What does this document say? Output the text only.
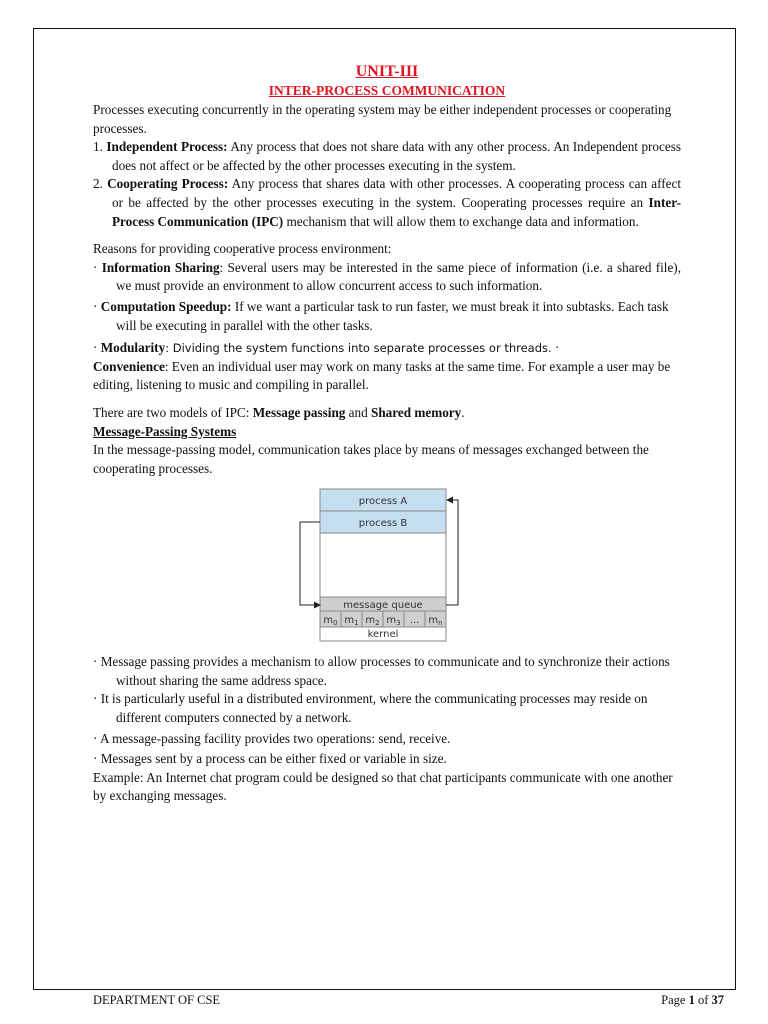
UNIT-III
INTER-PROCESS COMMUNICATION

Processes executing concurrently in the operating system may be either independent processes or cooperating processes.

1. Independent Process: Any process that does not share data with any other process. An Independent process does not affect or be affected by the other processes executing in the system.

2. Cooperating Process: Any process that shares data with other processes. A cooperating process can affect or be affected by the other processes executing in the system. Cooperating processes require an Inter-Process Communication (IPC) mechanism that will allow them to exchange data and information.

Reasons for providing cooperative process environment:

· Information Sharing: Several users may be interested in the same piece of information (i.e. a shared file), we must provide an environment to allow concurrent access to such information.

· Computation Speedup: If we want a particular task to run faster, we must break it into subtasks. Each task will be executing in parallel with the other tasks.

· Modularity: Dividing the system functions into separate processes or threads. ·

Convenience: Even an individual user may work on many tasks at the same time. For example a user may be editing, listening to music and compiling in parallel.

There are two models of IPC: Message passing and Shared memory.

Message-Passing Systems

In the message-passing model, communication takes place by means of messages exchanged between the cooperating processes.

process A
process B
message queue
$m_0$ $m_1$ $m_2$ $m_3$ ... $m_n$
kernel

· Message passing provides a mechanism to allow processes to communicate and to synchronize their actions without sharing the same address space.

· It is particularly useful in a distributed environment, where the communicating processes may reside on different computers connected by a network.

· A message-passing facility provides two operations: send, receive.

· Messages sent by a process can be either fixed or variable in size.

Example: An Internet chat program could be designed so that chat participants communicate with one another by exchanging messages.

DEPARTMENT OF CSE	Page 1 of 37
